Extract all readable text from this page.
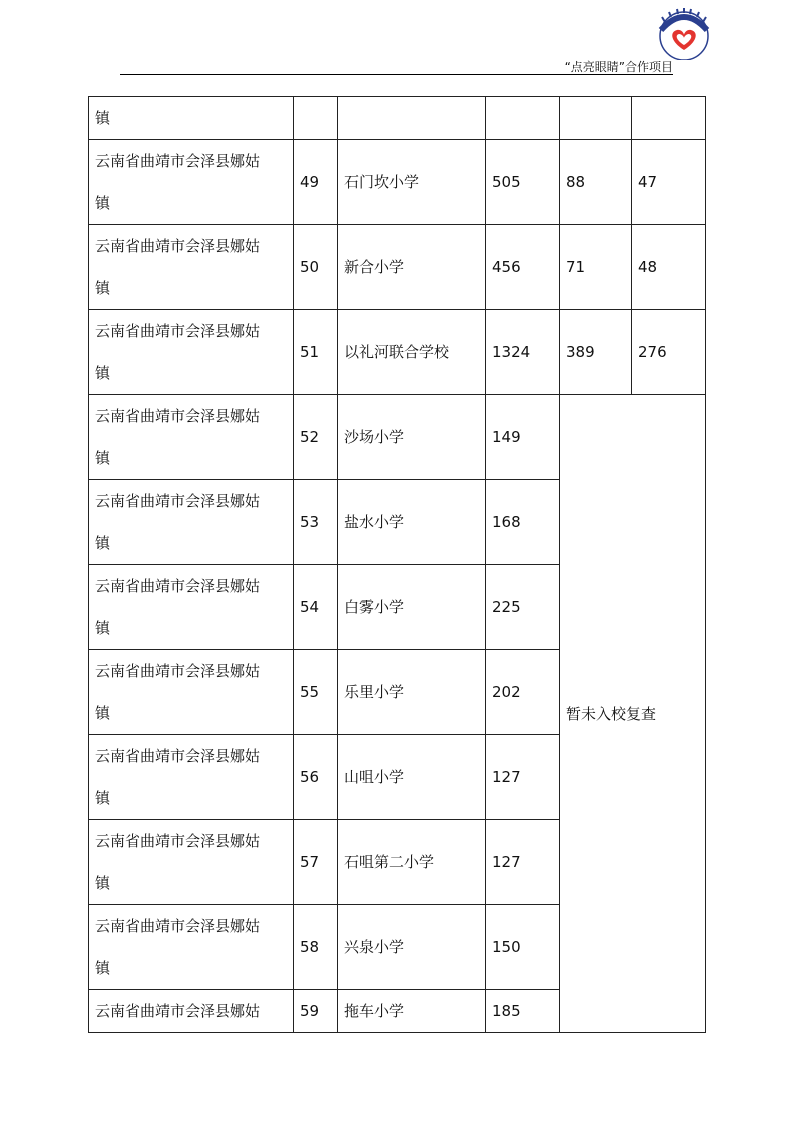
“点亮眼睛”合作项目
镇					

云南省曲靖市会泽县娜姑
镇	49	石门坎小学	505	88	47

云南省曲靖市会泽县娜姑
镇	50	新合小学	456	71	48

云南省曲靖市会泽县娜姑
镇	51	以礼河联合学校	1324	389	276

云南省曲靖市会泽县娜姑
镇	52	沙场小学	149	暂未入校复查	

云南省曲靖市会泽县娜姑
镇	53	盐水小学	168		

云南省曲靖市会泽县娜姑
镇	54	白雾小学	225		

云南省曲靖市会泽县娜姑
镇	55	乐里小学	202		

云南省曲靖市会泽县娜姑
镇	56	山咀小学	127		

云南省曲靖市会泽县娜姑
镇	57	石咀第二小学	127		

云南省曲靖市会泽县娜姑
镇	58	兴泉小学	150		

云南省曲靖市会泽县娜姑	59	拖车小学	185		
